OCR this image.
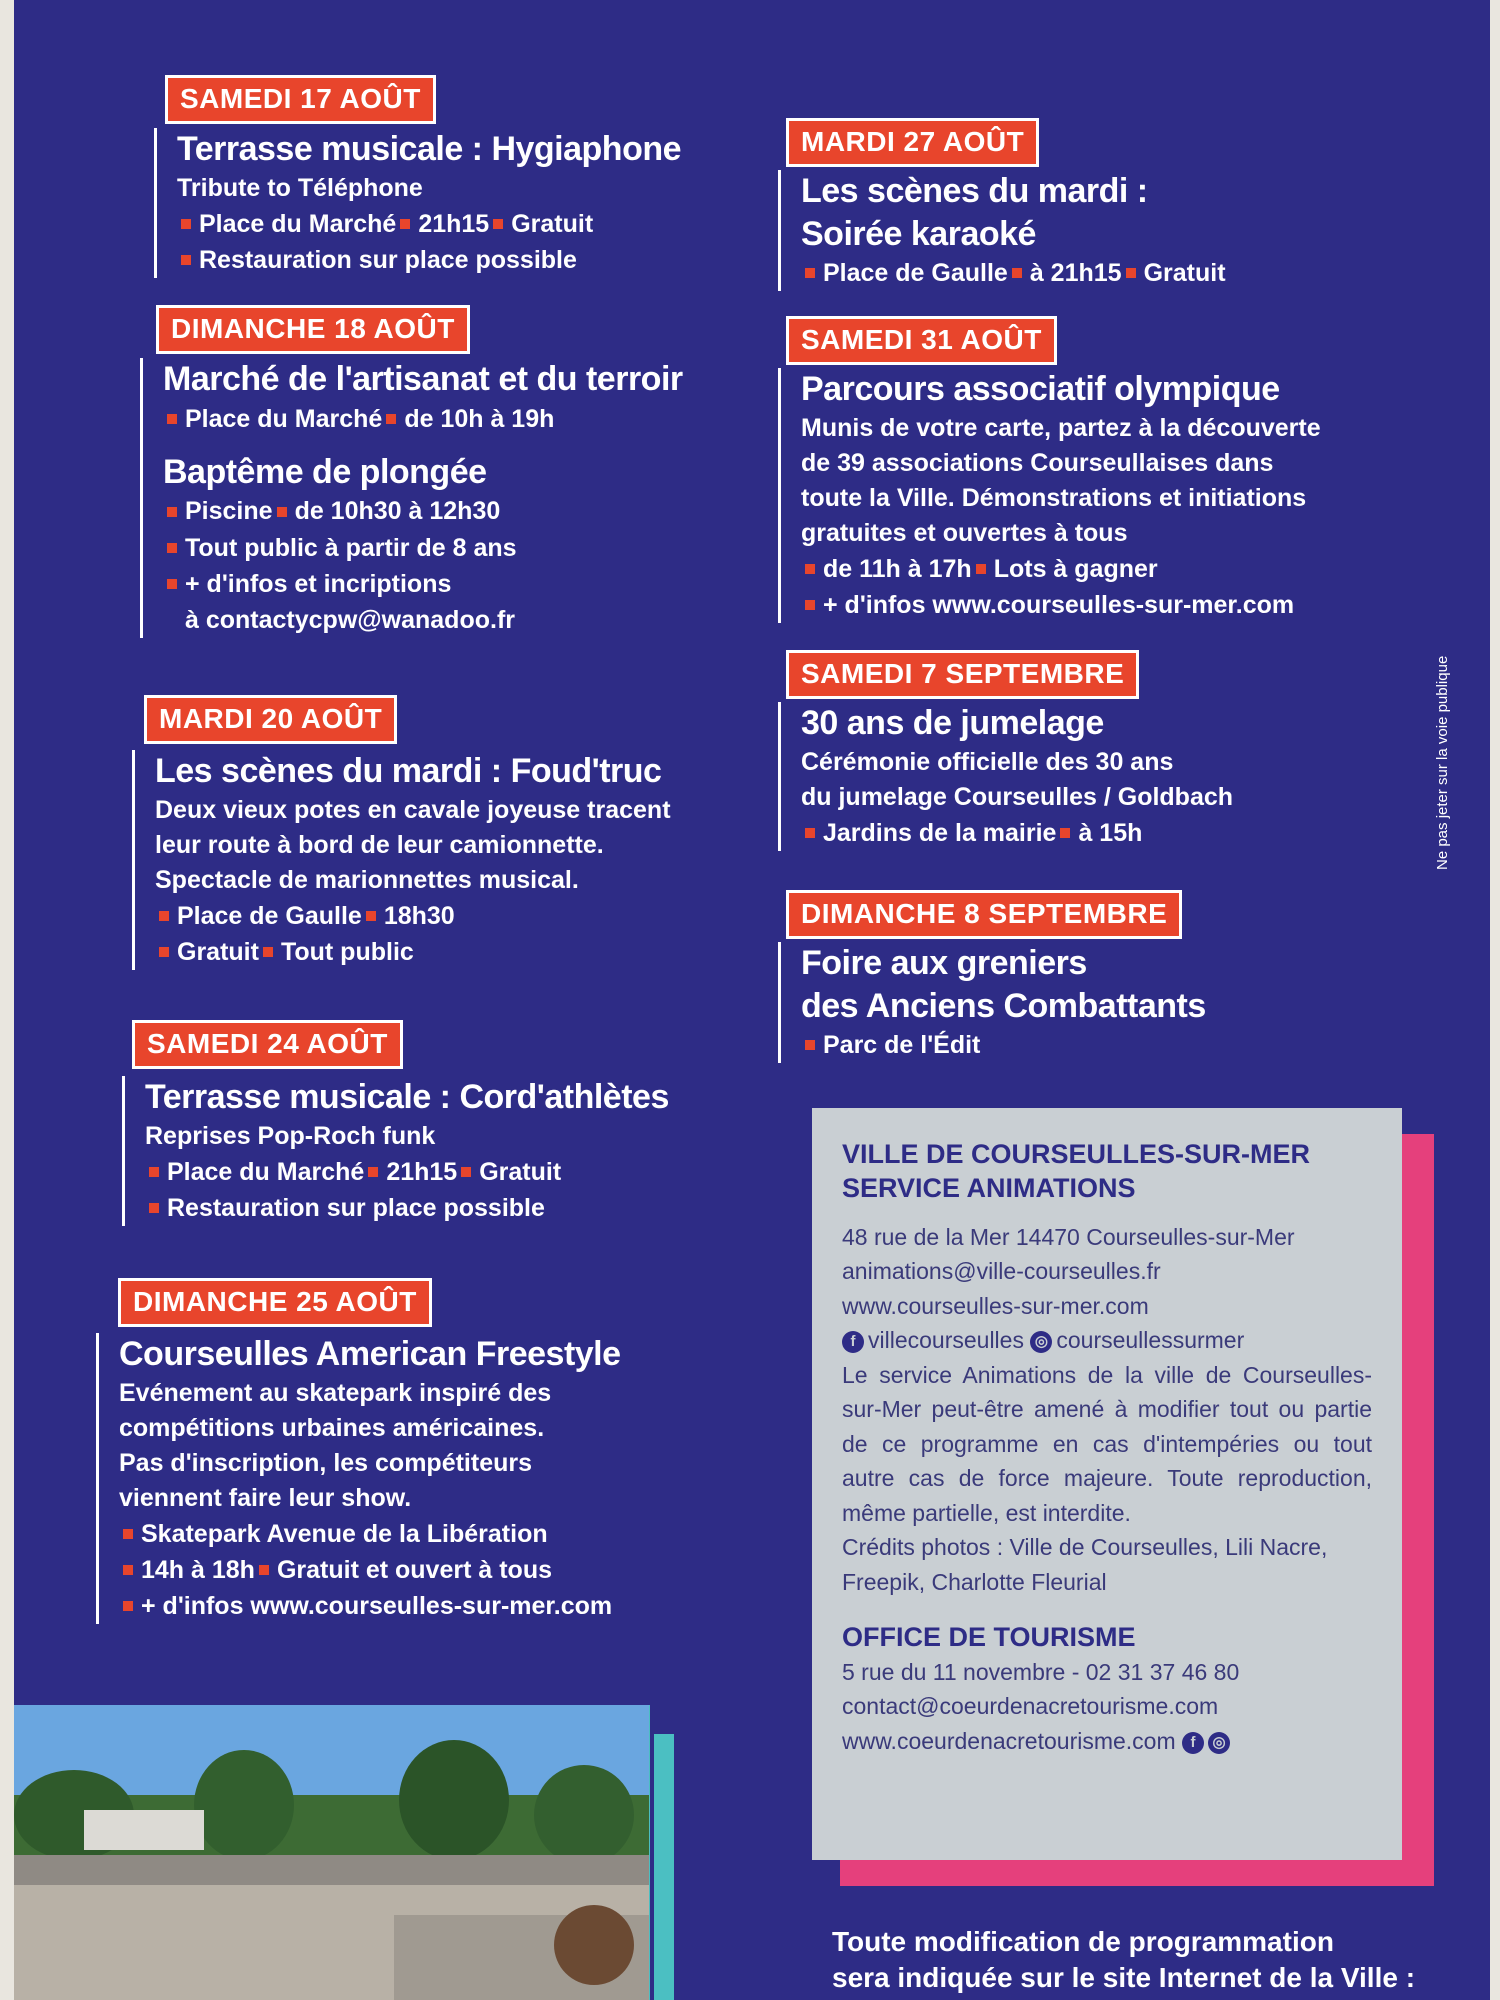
SAMEDI 17 AOÛT
Terrasse musicale : Hygiaphone
Tribute to Téléphone
Place du Marché 21h15 Gratuit
Restauration sur place possible
DIMANCHE 18 AOÛT
Marché de l'artisanat et du terroir
Place du Marché de 10h à 19h
Baptême de plongée
Piscine de 10h30 à 12h30
Tout public à partir de 8 ans
+ d'infos et incriptions
à contactycpw@wanadoo.fr
MARDI 20 AOÛT
Les scènes du mardi : Foud'truc
Deux vieux potes en cavale joyeuse tracent
leur route à bord de leur camionnette.
Spectacle de marionnettes musical.
Place de Gaulle 18h30
Gratuit Tout public
SAMEDI 24 AOÛT
Terrasse musicale : Cord'athlètes
Reprises Pop-Roch funk
Place du Marché 21h15 Gratuit
Restauration sur place possible
DIMANCHE 25 AOÛT
Courseulles American Freestyle
Evénement au skatepark inspiré des
compétitions urbaines américaines.
Pas d'inscription, les compétiteurs
viennent faire leur show.
Skatepark Avenue de la Libération
14h à 18h Gratuit et ouvert à tous
+ d'infos www.courseulles-sur-mer.com
MARDI 27 AOÛT
Les scènes du mardi :
Soirée karaoké
Place de Gaulle à 21h15 Gratuit
SAMEDI 31 AOÛT
Parcours associatif olympique
Munis de votre carte, partez à la découverte
de 39 associations Courseullaises dans
toute la Ville. Démonstrations et initiations
gratuites et ouvertes à tous
de 11h à 17h Lots à gagner
+ d'infos www.courseulles-sur-mer.com
SAMEDI 7 SEPTEMBRE
30 ans de jumelage
Cérémonie officielle des 30 ans
du jumelage Courseulles / Goldbach
Jardins de la mairie à 15h
DIMANCHE 8 SEPTEMBRE
Foire aux greniers
des Anciens Combattants
Parc de l'Édit
Ne pas jeter sur la voie publique
VILLE DE COURSEULLES-SUR-MER
SERVICE ANIMATIONS

48 rue de la Mer 14470 Courseulles-sur-Mer

animations@ville-courseulles.fr

www.courseulles-sur-mer.com

f villecourseulles ◎ courseullessurmer

Le service Animations de la ville de Courseulles-sur-Mer peut-être amené à modifier tout ou partie de ce programme en cas d'intempéries ou tout autre cas de force majeure. Toute reproduction, même partielle, est interdite.

Crédits photos : Ville de Courseulles, Lili Nacre, Freepik, Charlotte Fleurial

OFFICE DE TOURISME

5 rue du 11 novembre - 02 31 37 46 80

contact@coeurdenacretourisme.com

www.coeurdenacretourisme.com f ◎

Toute modification de programmation
sera indiquée sur le site Internet de la Ville :
